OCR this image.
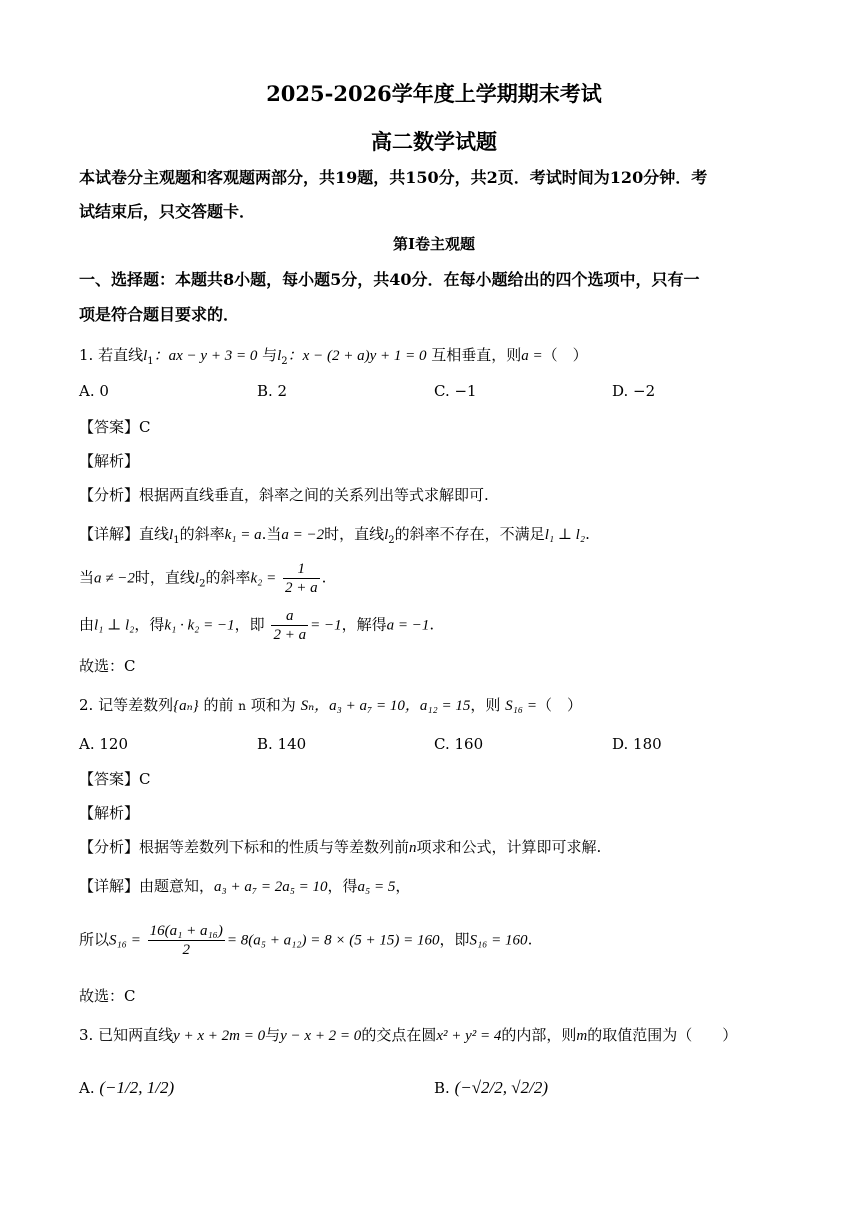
2025-2026学年度上学期期末考试
高二数学试题
本试卷分主观题和客观题两部分，共19题，共150分，共2页．考试时间为120分钟．考
试结束后，只交答题卡．
第I卷主观题
一、选择题：本题共8小题，每小题5分，共40分．在每小题给出的四个选项中，只有一
项是符合题目要求的．
1. 若直线$l_1$：ax − y + 3 = 0 与$l_2$：x − (2 + a)y + 1 = 0 互相垂直，则a =（　）
A. 0	B. 2	C. −1	D. −2
【答案】C
【解析】
【分析】根据两直线垂直，斜率之间的关系列出等式求解即可.
【详解】直线$l_1$的斜率k₁ = a.当a = −2时，直线$l_2$的斜率不存在，不满足l₁ ⊥ l₂.
当a ≠ −2时，直线$l_2$的斜率$k_2 = \frac{1}{2 + a}$ .
由l₁ ⊥ l₂，得k₁ · k₂ = −1，即 $\frac{a}{2 + a} = -1$，解得a = −1.
故选：C
2. 记等差数列{aₙ} 的前 n 项和为 Sₙ，a₃ + a₇ = 10，a₁₂ = 15，则 S₁₆ =（　）
A. 120	B. 140	C. 160	D. 180
【答案】C
【解析】
【分析】根据等差数列下标和的性质与等差数列前n项求和公式，计算即可求解.
【详解】由题意知，a₃ + a₇ = 2a₅ = 10，得a₅ = 5，
所以$S_{16} = \frac{\text{16(a₁ + a₁₆)}}{2} = 8(a_5 + a_{12}) = 8 \times (5 + 15) = 160$，即S₁₆ = 160.
故选：C
3. 已知两直线y + x + 2m = 0与y − x + 2 = 0的交点在圆x² + y² = 4的内部，则m的取值范围为（　　）
A. (−1/2, 1/2)	B. (−√2/2, √2/2)
